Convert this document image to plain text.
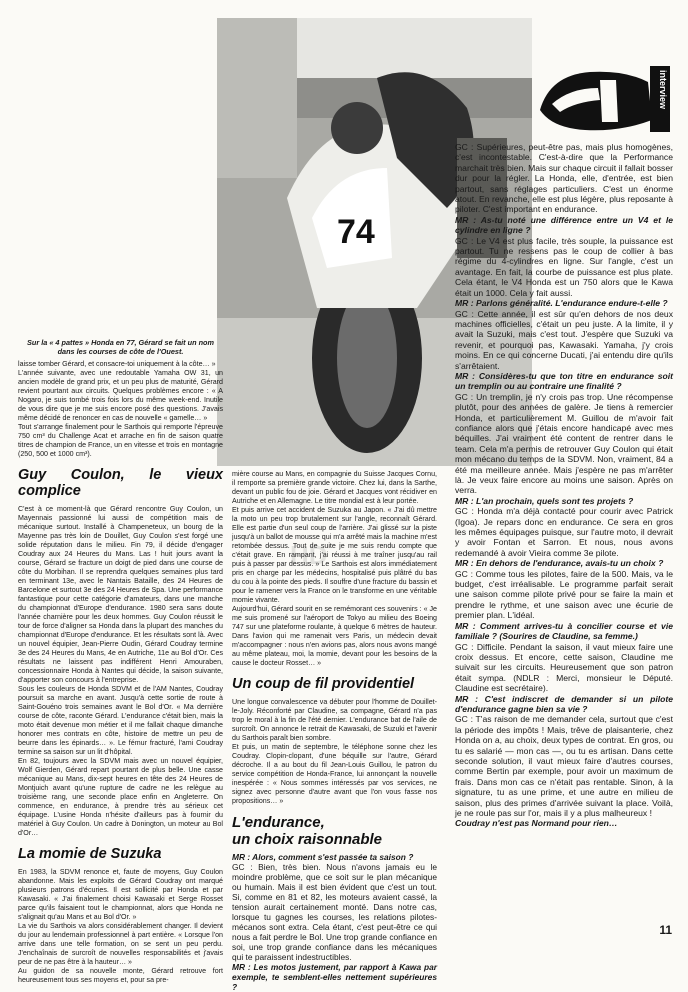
74
interview
Sur la « 4 pattes » Honda en 77, Gérard se fait un nom dans les courses de côte de l'Ouest.

laisse tomber Gérard, et consacre-toi uniquement à la côte… »

L'année suivante, avec une redoutable Yamaha OW 31, un ancien modèle de grand prix, et un peu plus de maturité, Gérard revient pourtant aux circuits. Quelques problèmes encore : « A Nogaro, je suis tombé trois fois lors du même week-end. Inutile de vous dire que je me suis encore posé des questions. J'avais même décidé de renoncer en cas de nouvelle « gamelle… »

Tout s'arrange finalement pour le Sarthois qui remporte l'épreuve 750 cm³ du Challenge Acat et arrache en fin de saison quatre titres de champion de France, un en vitesse et trois en montagne (250, 500 et 1000 cm³).

Guy Coulon, le vieux complice

C'est à ce moment-là que Gérard rencontre Guy Coulon, un Mayennais passionné lui aussi de compétition mais de mécanique surtout. Installé à Champeneteux, un bourg de la Mayenne pas très loin de Douillet, Guy Coulon s'est forgé une solide réputation dans le milieu. Fin 79, il décide d'engager Coudray aux 24 Heures du Mans. Las ! huit jours avant la course, Gérard se fracture un doigt de pied dans une course de côte du Morbihan. Il se reprendra quelques semaines plus tard en terminant 13e, avec le Nantais Bataille, des 24 Heures de Barcelone et surtout 3e des 24 Heures de Spa. Une performance fantastique pour cette catégorie d'amateurs, dans une manche du championnat d'Europe d'endurance. 1980 sera sans doute l'année charnière pour les deux hommes. Guy Coulon réussit le tour de force d'aligner sa Honda dans la plupart des manches du championnat d'Europe d'endurance. Et les résultats sont là. Avec un nouvel équipier, Jean-Pierre Oudin, Gérard Coudray termine 3e des 24 Heures du Mans, 4e en Autriche, 11e au Bol d'Or. Ces résultats ne laissent pas indifférent Henri Amouraben, concessionnaire Honda à Nantes qui décide, la saison suivante, d'apporter son concours à l'entreprise.

Sous les couleurs de Honda SDVM et de l'AM Nantes, Coudray poursuit sa marche en avant. Jusqu'à cette sortie de route à Saint-Gouéno trois semaines avant le Bol d'Or. « Ma dernière course de côte, raconte Gérard. L'endurance c'était bien, mais la moto était devenue mon métier et il me fallait chaque dimanche honorer mes contrats en côte, histoire de mettre un peu de beurre dans les épinards… ». Le fémur fracturé, l'ami Coudray termine sa saison sur un lit d'hôpital.

En 82, toujours avec la SDVM mais avec un nouvel équipier, Wolf Gierden, Gérard repart pourtant de plus belle. Une casse mécanique au Mans, dix-sept heures en tête des 24 Heures de Montjuich avant qu'une rupture de cadre ne les relègue au troisième rang, une seconde place enfin en Angleterre. On commence, en endurance, à prendre très au sérieux cet équipage. L'usine Honda n'hésite d'ailleurs pas à fournir du matériel à Guy Coulon. Un cadre à Donington, un moteur au Bol d'Or…

La momie de Suzuka

En 1983, la SDVM renonce et, faute de moyens, Guy Coulon abandonne. Mais les exploits de Gérard Coudray ont marqué plusieurs patrons d'écuries. Il est sollicité par Honda et par Kawasaki. « J'ai finalement choisi Kawasaki et Serge Rosset parce qu'ils faisaient tout le championnat, alors que Honda ne s'alignait qu'au Mans et au Bol d'Or. »

La vie du Sarthois va alors considérablement changer. Il devient du jour au lendemain professionnel à part entière. « Lorsque l'on arrive dans une telle formation, on se sent un peu perdu. J'enchaînais de surcroît de nouvelles responsabilités et j'avais peur de ne pas être à la hauteur… »

Au guidon de sa nouvelle monte, Gérard retrouve fort heureusement tous ses moyens et, pour sa pre-

mière course au Mans, en compagnie du Suisse Jacques Cornu, il remporte sa première grande victoire. Chez lui, dans la Sarthe, devant un public fou de joie. Gérard et Jacques vont récidiver en Autriche et en Allemagne. Le titre mondial est à leur portée.

Et puis arrive cet accident de Suzuka au Japon. « J'ai dû mettre la moto un peu trop brutalement sur l'angle, reconnaît Gérard. Elle est partie d'un seul coup de l'arrière. J'ai glissé sur la piste jusqu'à un ballot de mousse qui m'a arrêté mais la machine m'est retombée dessus. Tout de suite je me suis rendu compte que c'était grave. En rampant, j'ai réussi à me traîner jusqu'au rail puis à passer par dessus. » Le Sarthois est alors immédiatement pris en charge par les médecins, hospitalisé puis plâtré du bas du cou à la pointe des pieds. Il souffre d'une fracture du bassin et pour le ramener vers la France on le transforme en une véritable momie vivante.

Aujourd'hui, Gérard sourit en se remémorant ces souvenirs : « Je me suis promené sur l'aéroport de Tokyo au milieu des Boeing 747 sur une plateforme roulante, à quelque 6 mètres de hauteur. Dans l'avion qui me ramenait vers Paris, un médecin devait m'accompagner : nous n'en avions pas, alors nous avons mangé au même plateau, moi, la momie, devant pour les besoins de la cause le docteur Rosset… »

Un coup de fil providentiel

Une longue convalescence va débuter pour l'homme de Douillet-le-Joly. Réconforté par Claudine, sa compagne, Gérard n'a pas trop le moral à la fin de l'été dernier. L'endurance bat de l'aile de surcroît. On annonce le retrait de Kawasaki, de Suzuki et l'avenir du Sarthois paraît bien sombre.

Et puis, un matin de septembre, le téléphone sonne chez les Coudray. Clopin-clopant, d'une béquille sur l'autre, Gérard décroche. Il a au bout du fil Jean-Louis Guillou, le patron du service compétition de Honda-France, lui annonçant la nouvelle inespérée : « Nous sommes intéressés par vos services, ne signez avec personne d'autre avant que l'on vous fasse nos propositions… »

L'endurance,
un choix raisonnable

MR : Alors, comment s'est passée ta saison ?
GC : Bien, très bien. Nous n'avons jamais eu le moindre problème, que ce soit sur le plan mécanique ou humain. Mais il est bien évident que c'est un tout. Si, comme en 81 et 82, les moteurs avaient cassé, la tension aurait certainement monté. Dans notre cas, lorsque tu gagnes les courses, les relations pilotes-mécanos sont extra. Cela étant, c'est peut-être ce qui nous a fait perdre le Bol. Une trop grande confiance en soi, une trop grande confiance dans les mécaniques qui te paraissent indestructibles.

MR : Les motos justement, par rapport à Kawa par exemple, te semblent-elles nettement supérieures ?

GC : Supérieures, peut-être pas, mais plus homogènes, c'est incontestable. C'est-à-dire que la Performance marchait très bien. Mais sur chaque circuit il fallait bosser dur pour la régler. La Honda, elle, d'entrée, est bien partout, sans réglages particuliers. C'est un énorme atout. En revanche, elle est plus légère, plus reposante à piloter. C'est important en endurance.

MR : As-tu noté une différence entre un V4 et le cylindre en ligne ?
GC : Le V4 est plus facile, très souple, la puissance est partout. Tu ne ressens pas le coup de collier à bas régime du 4-cylindres en ligne. Sur l'angle, c'est un avantage. En fait, la courbe de puissance est plus plate. Cela étant, le V4 Honda est un 750 alors que le Kawa était un 1000. Cela y fait aussi.

MR : Parlons généralité. L'endurance endure-t-elle ?
GC : Cette année, il est sûr qu'en dehors de nos deux machines officielles, c'était un peu juste. A la limite, il y avait la Suzuki, mais c'est tout. J'espère que Suzuki va revenir, et pourquoi pas, Kawasaki. Yamaha, j'y crois moins. En ce qui concerne Ducati, j'ai entendu dire qu'ils s'arrêtaient.

MR : Considères-tu que ton titre en endurance soit un tremplin ou au contraire une finalité ?
GC : Un tremplin, je n'y crois pas trop. Une récompense plutôt, pour des années de galère. Je tiens à remercier Honda, et particulièrement M. Guillou de m'avoir fait confiance alors que j'étais encore handicapé avec mes béquilles. J'ai vraiment été content de rentrer dans le team. Cela m'a permis de retrouver Guy Coulon qui était mon mécano du temps de la SDVM. Non, vraiment, 84 a été ma meilleure année. Mais j'espère ne pas m'arrêter là. Je veux faire encore au moins une saison. Après on verra.

MR : L'an prochain, quels sont tes projets ?
GC : Honda m'a déjà contacté pour courir avec Patrick (Igoa). Je repars donc en endurance. Ce sera en gros les mêmes équipages puisque, sur l'autre moto, il devrait y avoir Fontan et Sarron. Et nous, nous avons redemandé à avoir Vieira comme 3e pilote.

MR : En dehors de l'endurance, avais-tu un choix ?
GC : Comme tous les pilotes, faire de la 500. Mais, va le budget, c'est irréalisable. Le programme parfait serait une saison comme pilote privé pour se faire la main et prendre le rythme, et une saison avec une écurie de premier plan. L'idéal.

MR : Comment arrives-tu à concilier course et vie familiale ? (Sourires de Claudine, sa femme.)
GC : Difficile. Pendant la saison, il vaut mieux faire une croix dessus. Et encore, cette saison, Claudine me suivait sur les circuits. Heureusement que son patron était sympa. (NDLR : Merci, monsieur le Député. Claudine est secrétaire).

MR : C'est indiscret de demander si un pilote d'endurance gagne bien sa vie ?
GC : T'as raison de me demander cela, surtout que c'est la période des impôts ! Mais, trêve de plaisanterie, chez Honda on a, au choix, deux types de contrat. En gros, ou tu es salarié — mon cas —, ou tu es artisan. Dans cette seconde solution, il vaut mieux faire d'autres courses, comme Bertin par exemple, pour avoir un maximum de frais. Dans mon cas ce n'était pas rentable. Sinon, à la signature, tu as une prime, et une autre en milieu de saison, plus des primes d'arrivée suivant la place. Voilà, je ne roule pas sur l'or, mais il y a plus malheureux !

Coudray n'est pas Normand pour rien…

HD
11
